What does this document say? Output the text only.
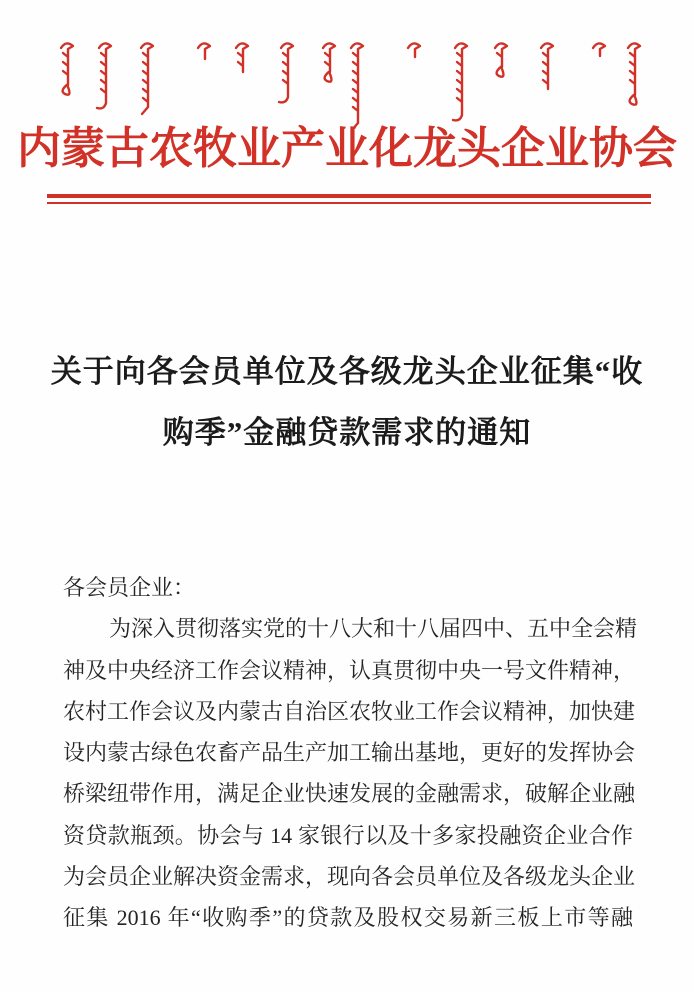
内蒙古农牧业产业化龙头企业协会
关于向各会员单位及各级龙头企业征集“收
购季”金融贷款需求的通知
各会员企业：
为深入贯彻落实党的十八大和十八届四中、五中全会精
神及中央经济工作会议精神，认真贯彻中央一号文件精神，
农村工作会议及内蒙古自治区农牧业工作会议精神，加快建
设内蒙古绿色农畜产品生产加工输出基地，更好的发挥协会
桥梁纽带作用，满足企业快速发展的金融需求，破解企业融
资贷款瓶颈。协会与 14 家银行以及十多家投融资企业合作
为会员企业解决资金需求，现向各会员单位及各级龙头企业
征集 2016 年“收购季”的贷款及股权交易新三板上市等融
